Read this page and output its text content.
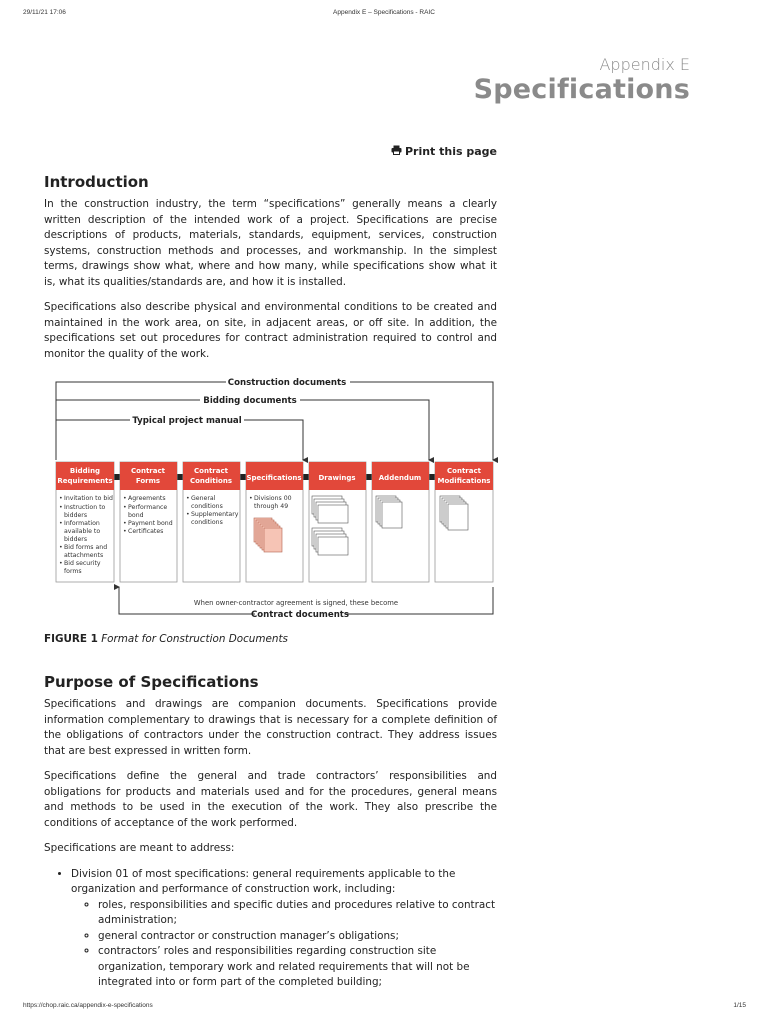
29/11/21 17:06	Appendix E – Specifications - RAIC
https://chop.raic.ca/appendix-e-specifications	1/15
Appendix E
Specifications
Print this page
Introduction

In the construction industry, the term “specifications” generally means a clearly written description of the intended work of a project. Specifications are precise descriptions of products, materials, standards, equipment, services, construction systems, construction methods and processes, and workmanship. In the simplest terms, drawings show what, where and how many, while specifications show what it is, what its qualities/standards are, and how it is installed.

Specifications also describe physical and environmental conditions to be created and maintained in the work area, on site, in adjacent areas, or off site. In addition, the specifications set out procedures for contract administration required to control and monitor the quality of the work.

Construction documents
Bidding documents
Typical project manual
Bidding
Requirements
• Invitation to bid
• Instruction to
bidders
• Information
available to
bidders
• Bid forms and
attachments
• Bid security
forms
Contract
Forms
• Agreements
• Performance
bond
• Payment bond
• Certificates
Contract
Conditions
• General
conditions
• Supplementary
conditions
Specifications
• Divisions 00
through 49
Drawings	Addendum
Contract
Modifications
When owner-contractor agreement is signed, these become
Contract documents
FIGURE 1 Format for Construction Documents
Purpose of Specifications

Specifications and drawings are companion documents. Specifications provide information complementary to drawings that is necessary for a complete definition of the obligations of contractors under the construction contract. They address issues that are best expressed in written form.

Specifications define the general and trade contractors’ responsibilities and obligations for products and materials used and for the procedures, general means and methods to be used in the execution of the work. They also prescribe the conditions of acceptance of the work performed.

Specifications are meant to address:

• Division 01 of most specifications: general requirements applicable to the organization and performance of construction work, including:
◦ roles, responsibilities and specific duties and procedures relative to contract administration;
◦ general contractor or construction manager’s obligations;
◦ contractors’ roles and responsibilities regarding construction site organization, temporary work and related requirements that will not be integrated into or form part of the completed building;
